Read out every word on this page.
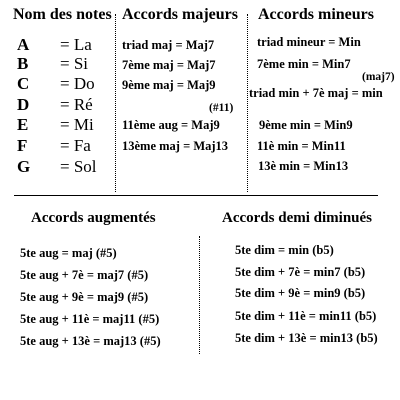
Nom des notes Accords majeurs Accords mineurs
A = La
B = Si
C = Do
D = Ré
E = Mi
F = Fa
G = Sol
triad maj = Maj7
7ème maj = Maj7
9ème maj = Maj9
(#11)
11ème aug = Maj9
13ème maj = Maj13
triad mineur = Min
7ème min = Min7
(maj7)
triad min + 7è maj = min
9ème min = Min9
11è min = Min11
13è min = Min13
Accords augmentés	Accords demi diminués
5te aug = maj (#5)
5te aug + 7è = maj7 (#5)
5te aug + 9è = maj9 (#5)
5te aug + 11è = maj11 (#5)
5te aug + 13è = maj13 (#5)
5te dim = min (b5)
5te dim + 7è = min7 (b5)
5te dim + 9è = min9 (b5)
5te dim + 11è = min11 (b5)
5te dim + 13è = min13 (b5)
